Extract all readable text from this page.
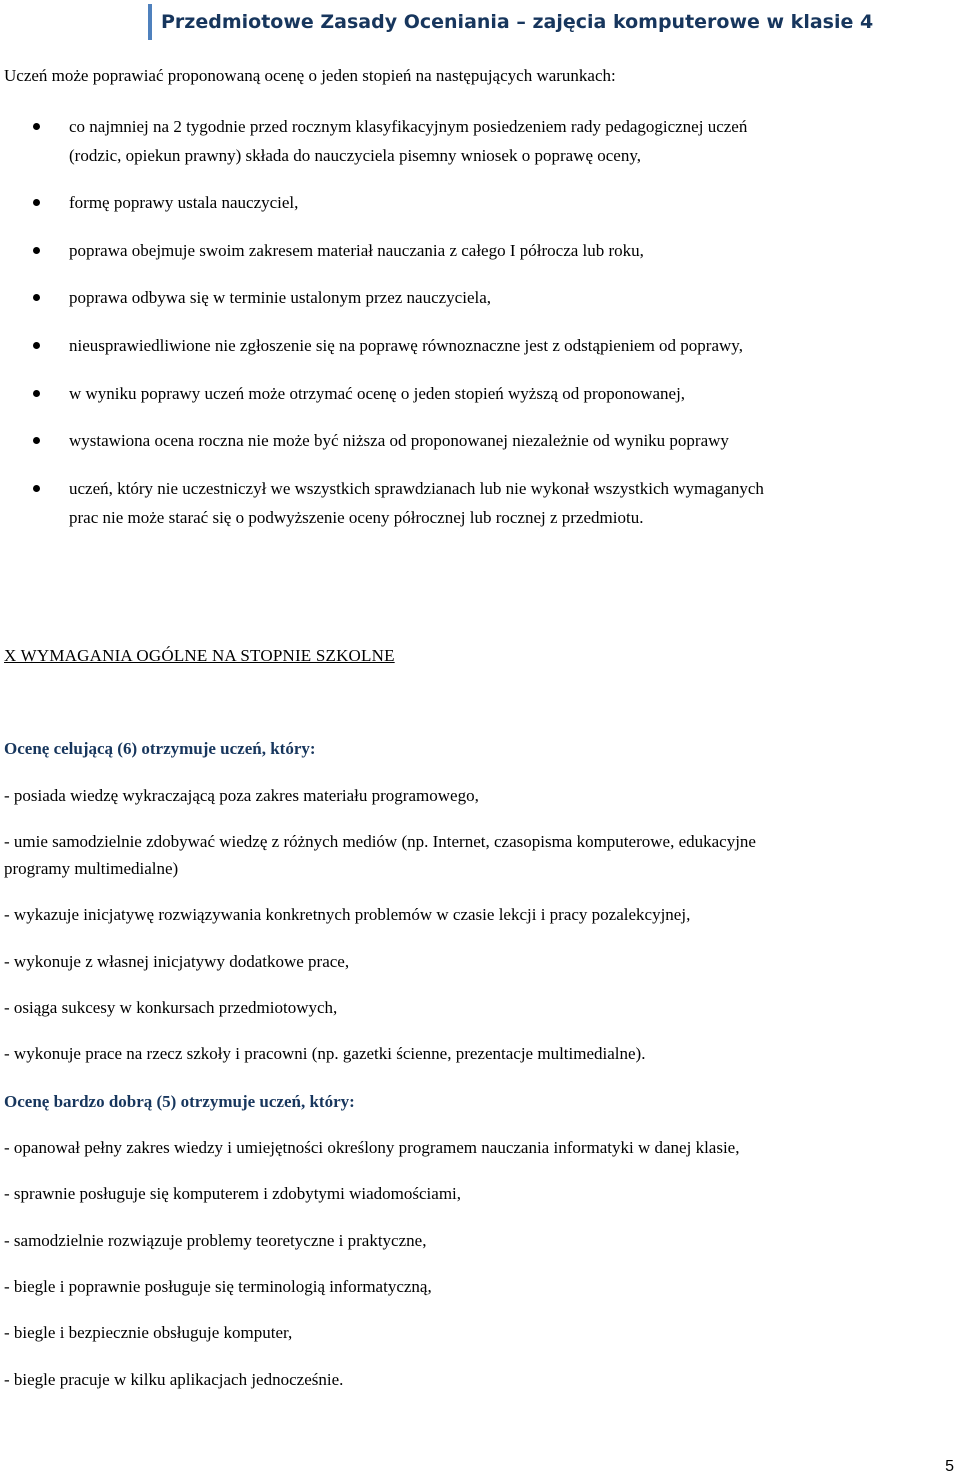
Przedmiotowe Zasady Oceniania – zajęcia komputerowe w klasie 4
Uczeń może poprawiać proponowaną ocenę o jeden stopień na następujących warunkach:
co najmniej na 2 tygodnie przed rocznym klasyfikacyjnym posiedzeniem rady pedagogicznej uczeń
(rodzic, opiekun prawny) składa do nauczyciela pisemny wniosek o poprawę oceny,
formę poprawy ustala nauczyciel,
poprawa obejmuje swoim zakresem materiał nauczania z całego I półrocza lub roku,
poprawa odbywa się w terminie ustalonym przez nauczyciela,
nieusprawiedliwione nie zgłoszenie się na poprawę równoznaczne jest z odstąpieniem od poprawy,
w wyniku poprawy uczeń może otrzymać ocenę o jeden stopień wyższą od proponowanej,
wystawiona ocena roczna nie może być niższa od proponowanej niezależnie od wyniku poprawy
uczeń, który nie uczestniczył we wszystkich sprawdzianach lub nie wykonał wszystkich wymaganych
prac nie może starać się o podwyższenie oceny półrocznej lub rocznej z przedmiotu.
X WYMAGANIA OGÓLNE NA STOPNIE SZKOLNE
Ocenę celującą (6) otrzymuje uczeń, który:
- posiada wiedzę wykraczającą poza zakres materiału programowego,
- umie samodzielnie zdobywać wiedzę z różnych mediów (np. Internet, czasopisma komputerowe, edukacyjne
programy multimedialne)
- wykazuje inicjatywę rozwiązywania konkretnych problemów w czasie lekcji i pracy pozalekcyjnej,
- wykonuje z własnej inicjatywy dodatkowe prace,
- osiąga sukcesy w konkursach przedmiotowych,
- wykonuje prace na rzecz szkoły i pracowni (np. gazetki ścienne, prezentacje multimedialne).
Ocenę bardzo dobrą (5) otrzymuje uczeń, który:
- opanował pełny zakres wiedzy i umiejętności określony programem nauczania informatyki w danej klasie,
- sprawnie posługuje się komputerem i zdobytymi wiadomościami,
- samodzielnie rozwiązuje problemy teoretyczne i praktyczne,
- biegle i poprawnie posługuje się terminologią informatyczną,
- biegle i bezpiecznie obsługuje komputer,
- biegle pracuje w kilku aplikacjach jednocześnie.
5
